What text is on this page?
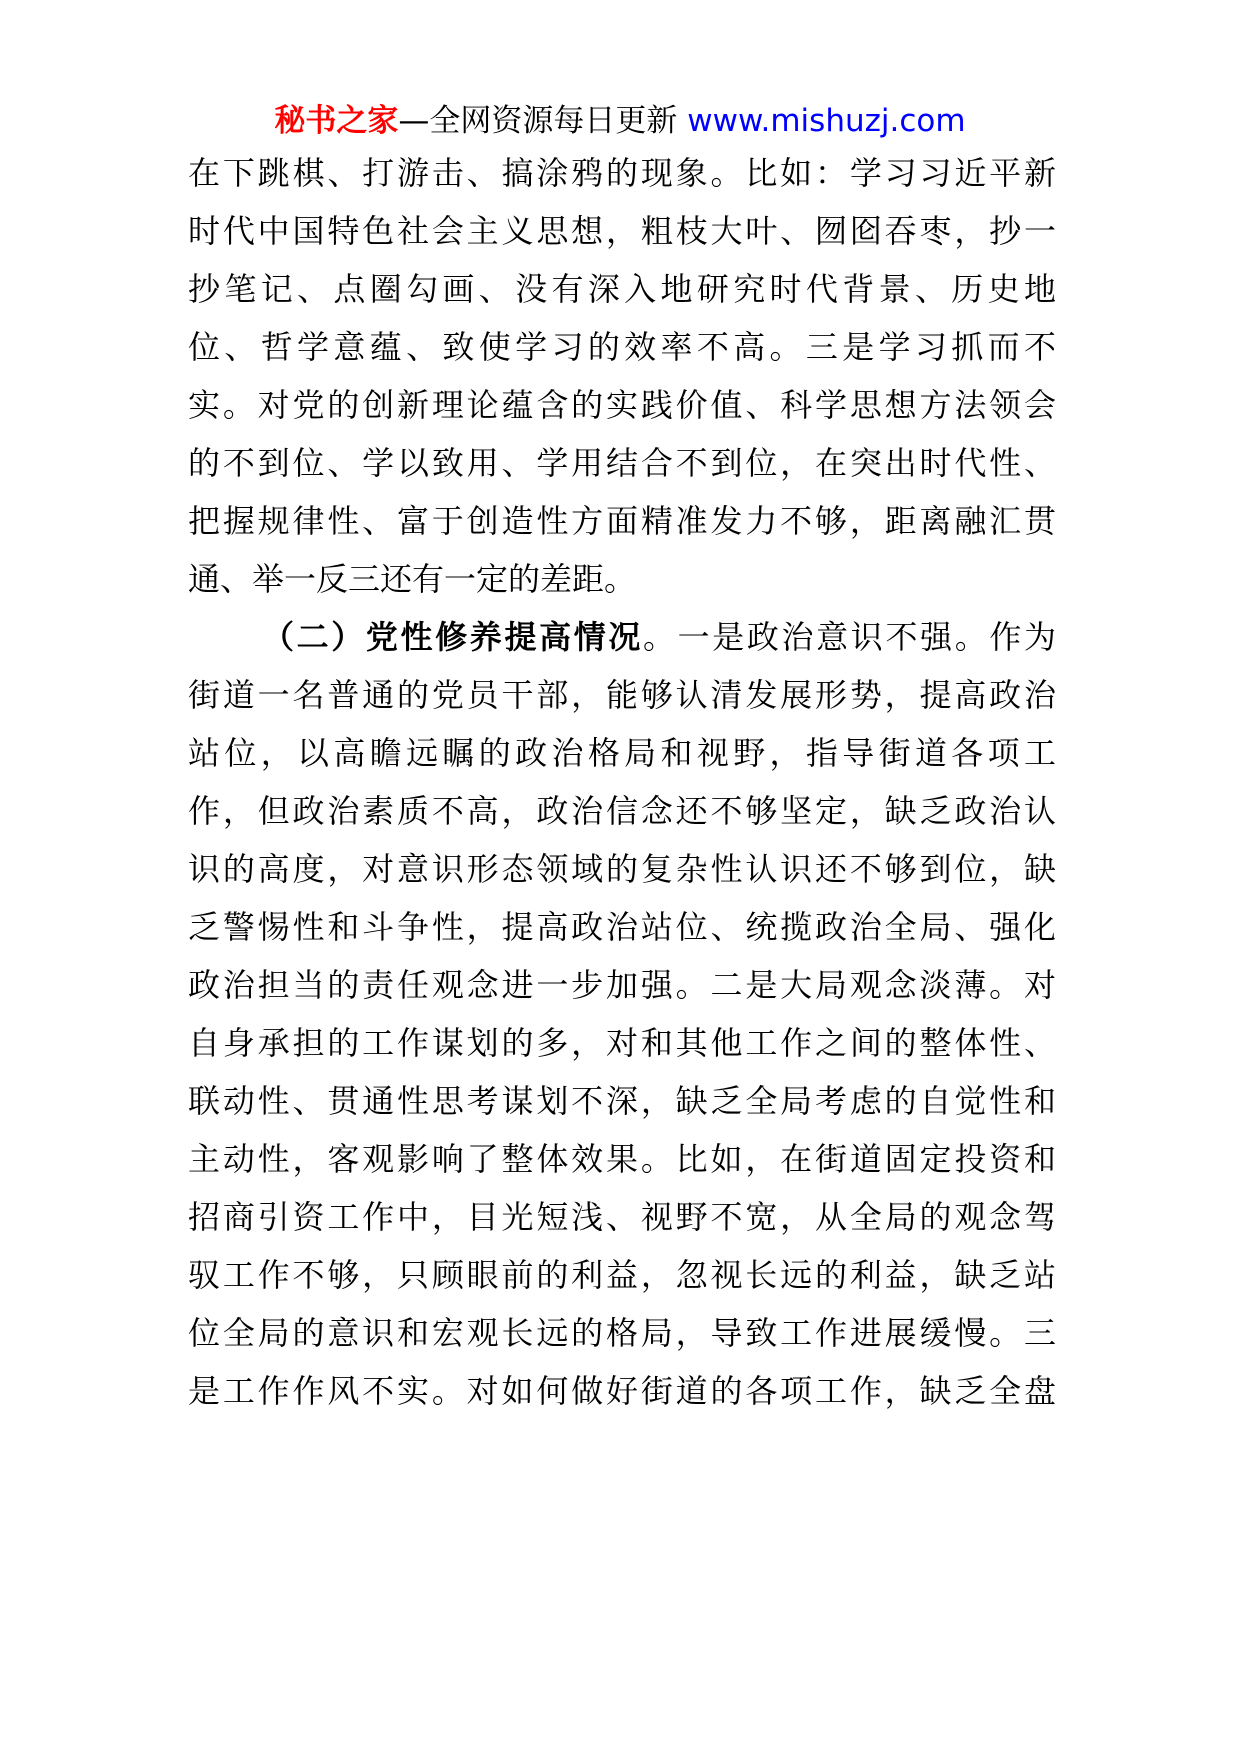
秘书之家—全网资源每日更新 www.mishuzj.com
在下跳棋、打游击、搞涂鸦的现象。比如：学习习近平新
时代中国特色社会主义思想，粗枝大叶、囫囵吞枣，抄一
抄笔记、点圈勾画、没有深入地研究时代背景、历史地
位、哲学意蕴、致使学习的效率不高。三是学习抓而不
实。对党的创新理论蕴含的实践价值、科学思想方法领会
的不到位、学以致用、学用结合不到位，在突出时代性、
把握规律性、富于创造性方面精准发力不够，距离融汇贯
通、举一反三还有一定的差距。
（二）党性修养提高情况。一是政治意识不强。作为
街道一名普通的党员干部，能够认清发展形势，提高政治
站位，以高瞻远瞩的政治格局和视野，指导街道各项工
作，但政治素质不高，政治信念还不够坚定，缺乏政治认
识的高度，对意识形态领域的复杂性认识还不够到位，缺
乏警惕性和斗争性，提高政治站位、统揽政治全局、强化
政治担当的责任观念进一步加强。二是大局观念淡薄。对
自身承担的工作谋划的多，对和其他工作之间的整体性、
联动性、贯通性思考谋划不深，缺乏全局考虑的自觉性和
主动性，客观影响了整体效果。比如，在街道固定投资和
招商引资工作中，目光短浅、视野不宽，从全局的观念驾
驭工作不够，只顾眼前的利益，忽视长远的利益，缺乏站
位全局的意识和宏观长远的格局，导致工作进展缓慢。三
是工作作风不实。对如何做好街道的各项工作，缺乏全盘
